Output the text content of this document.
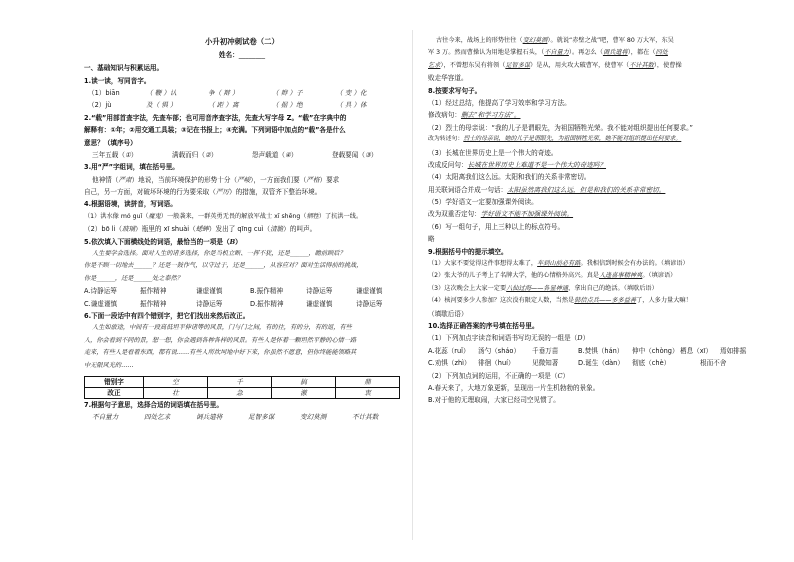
小升初冲刺试卷（二）
姓名：________
一、基础知识与积累运用。
1.读一读，写同音字。
（1）biān	（ 鞭 ）认	争（ 辩 ）	（ 辫 ）子	（ 变 ）化
（2）jù	及（ 惧 ）	（ 距 ）离	（ 据 ）绝	（ 具 ）体
2.“载”用部首查字法，先查车部；也可用音序查字法，先查大写字母 Z。“载”在字典中的
解释有：①年；②用交通工具装；③记在书报上；④充满。下列词语中加点的“载”各是什么
意思？（填序号）
三年五载（①）	满载而归（②）	怨声载道（④）	登载要闻（③）
3.用“严”字组词，填在括号里。
他神情（严肃）地说，当前环境保护的形势十分（严峻），一方面我们要（严格）要求
自己，另一方面，对破坏环境的行为要采取（严厉）的措施，双管齐下整治环境。
4.根据语境，读拼音，写词语。
（1）洪水像 mó guǐ（魔鬼）一般袭来，一群英勇无畏的解放军战士 xī shēng（牺牲）了抗洪一线。
（2）bō li（玻璃）瓶里的 xī shuài（蟋蟀）发出了 qīng cuì（清脆）的叫声。
5.依次填入下面横线处的词语，最恰当的一项是（B）
人生要学会选择。面对人生的诸多选择，你是当机立断、一挥不犹，还是______，瞻前顾后？
你是不顾一切地去______？还是一鼓作气，以守过于，还是______，从容应对？面对生活得前的挑战，
你是______，还是______处之泰然？
A.诗静运筹	振作精神	谦虚谨慎	B.振作精神	诗静运筹	谦虚谨慎
C.谦虚谨慎	振作精神	诗静运筹	D.振作精神	谦虚谨慎	诗静运筹
6.下面一段话中有四个错别字，把它们找出来然后改正。
人生如旅途，中间有一段高低坦平伸诸等的风景，门与门之间，有的往，有的分，有的返，有些
人，你会看到不同的景，想一想，你会遇到各种各样的风景。有些人是怀着一颗坦然平静的心情一路
走来，有些人是看着东西，都有说……有些人所坎坷地中好下来，你虽然不愿意，但你终能能领略其
中无限风光的……
错别字	空	千	搞	鼎
改正	壮	急	激	衷
7.根据句子意思，选择合适的词语填在括号里。
不自量力	四处乞求	调兵遣将	足智多谋	变幻莫测	不计其数
古往今来，战场上的形势往往（变幻莫测）。就说“赤壁之战”吧，曹军 80 万大军，东吴
军 3 万。然而曹操认为用地是掌握石头，（不自量力）。再怎么（调兵遣将），都在（四处
乞求），不曾想东吴有将领（足智多谋）是从，用火攻大破曹军，使曹军（不计其数），使曹操
败走华容道。
8.按要求写句子。
（1）经过总结，他提高了学习效率和学习方法。
修改病句：删去“和学习方法”。
（2）烈士的母亲说：“我的儿子是谓眼先，为祖国牺牲光荣。我不能对组织提出任何要求。”
改为转述句：烈士的母亲说，她的儿子是谓眼先，为祖国牺牲光荣，她不能对组织提出任何要求。
（3）长城在世界历史上是一个伟大的奇迹。
改成反问句：长城在世界历史上难道不是一个伟大的奇迹吗？
（4）太阳离我们这么远。太阳和我们的关系非常密切。
用关联词语合并成一句话：太阳虽然离我们这么远，但是和我们的关系非常密切。
（5）学好语文一定要加强课外阅读。
改为双重否定句：学好语文不能不加强课外阅读。
（6）写一组句子，用上三种以上的标点符号。
略
9.根据括号中的提示填空。
（1）大家不要觉得这件事想得太难了，车到山前必有路。我相信到时候会有办法的。（填谚语）
（2）张大爷的儿子考上了名牌大学，他的心情格外高兴。真是人逢喜事精神爽。（填谚语）
（3）这次晚会上大家一定要八仙过海——各显神通，拿出自己的绝活。（填歇后语）
（4）核河要多少人参加？这次没有限定人数，当然是韩信点兵——多多益善了，人多力量大嘛！
（填歇后语）
10.选择正确答案的序号填在括号里。
（1）下列加点字读音和词语书写均无误的一组是（D）
A.花蕊（ruǐ） 汤勺（sháo） 千垂万苗	B.焚惧（hán） 伸中（chòng） 栖息（xī） 焉如排摇
C.劝惧（zhì） 徘徊（huí）	见微知著	D.诞生（dàn） 彻底（chè）	根而不舍
（2）下列加点词的运用，不正确的一项是（C）
A.春天来了，大地万象更新，呈现出一片生机勃勃的景象。
B.对于他的无理取闹，大家已经司空见惯了。
